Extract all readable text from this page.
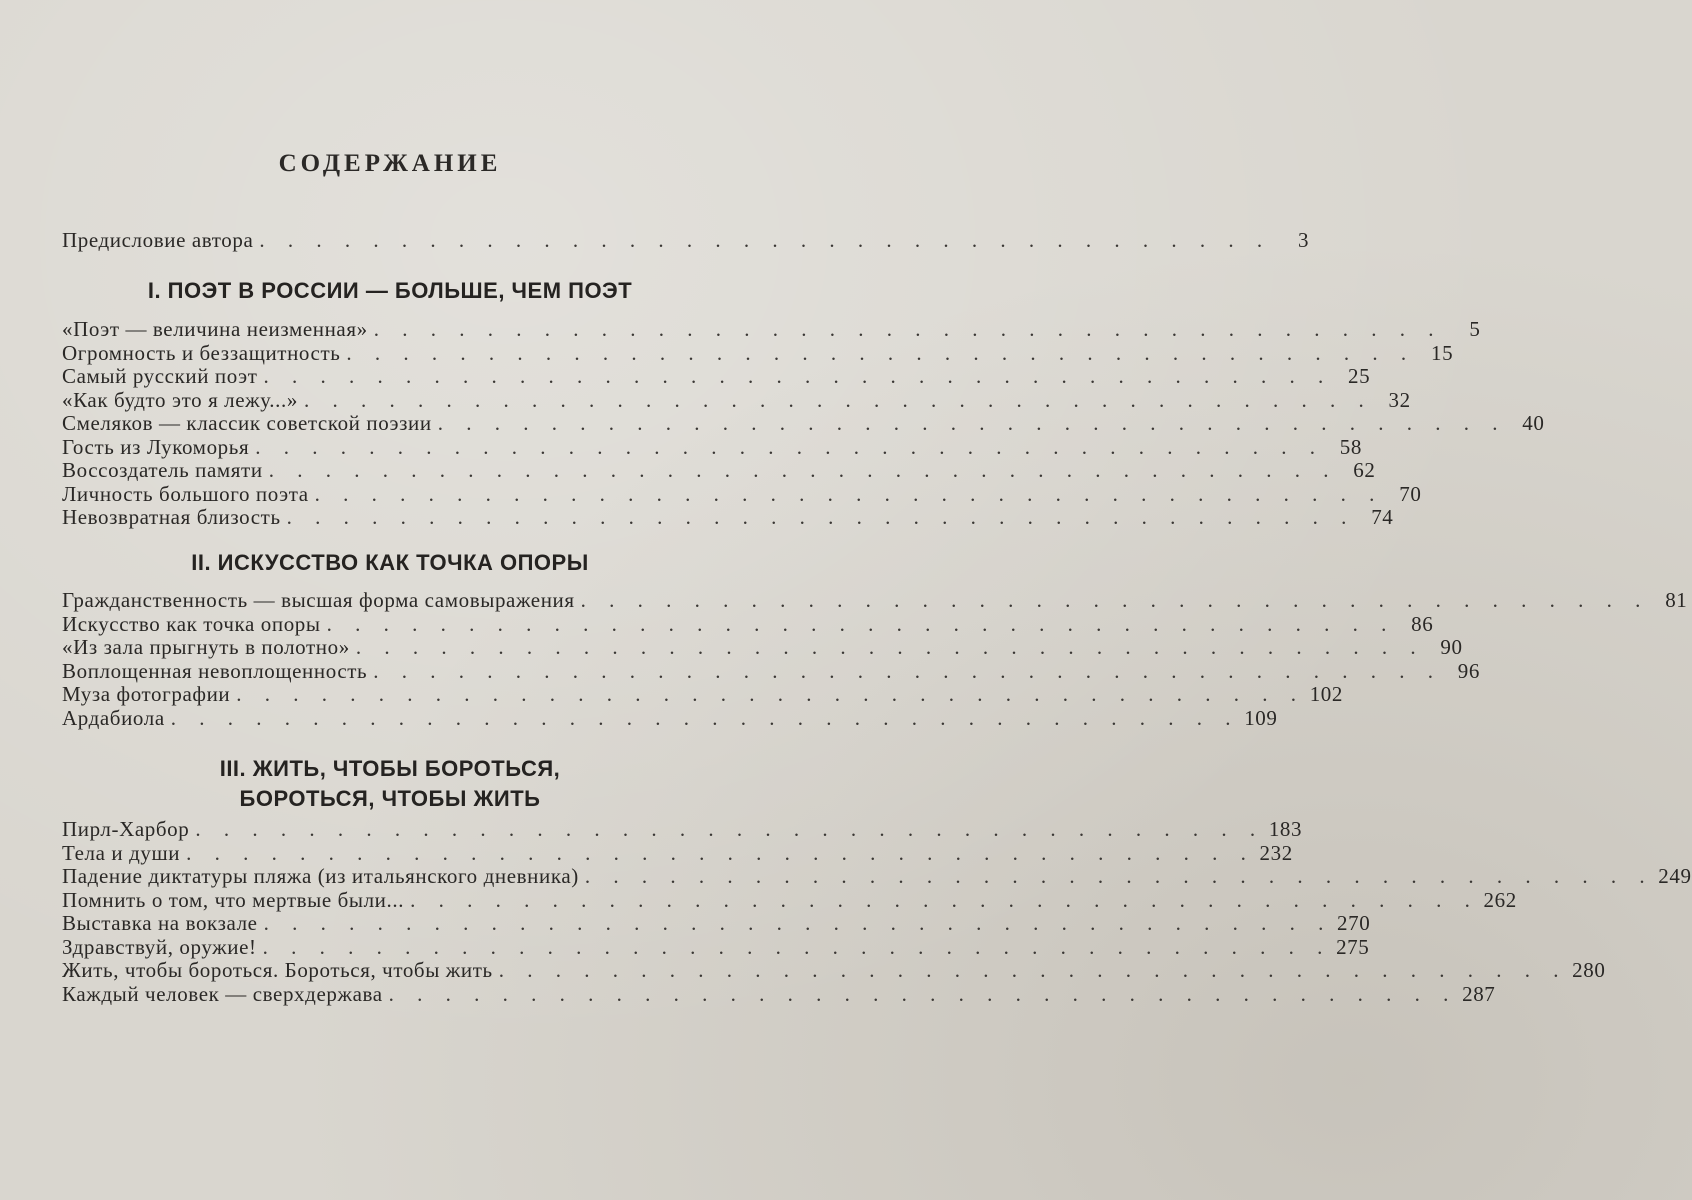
СОДЕРЖАНИЕ
Предисловие автора . . . . . . . . . . . . . . . . . . . . . . . . . . . . . . . . . . . .	3
I. ПОЭТ В РОССИИ — БОЛЬШЕ, ЧЕМ ПОЭТ
«Поэт — величина неизменная» . . . . . . . . . . . . . . . . . . . . . . . . . . . . . . . . . . . . . .	5
Огромность и беззащитность . . . . . . . . . . . . . . . . . . . . . . . . . . . . . . . . . . . . . . 15
Самый русский поэт . . . . . . . . . . . . . . . . . . . . . . . . . . . . . . . . . . . . . . 25
«Как будто это я лежу...» . . . . . . . . . . . . . . . . . . . . . . . . . . . . . . . . . . . . . . 32
Смеляков — классик советской поэзии . . . . . . . . . . . . . . . . . . . . . . . . . . . . . . . . . . . . . . 40
Гость из Лукоморья . . . . . . . . . . . . . . . . . . . . . . . . . . . . . . . . . . . . . . 58
Воссоздатель памяти . . . . . . . . . . . . . . . . . . . . . . . . . . . . . . . . . . . . . . 62
Личность большого поэта . . . . . . . . . . . . . . . . . . . . . . . . . . . . . . . . . . . . . . 70
Невозвратная близость . . . . . . . . . . . . . . . . . . . . . . . . . . . . . . . . . . . . . . 74
II. ИСКУССТВО КАК ТОЧКА ОПОРЫ
Гражданственность — высшая форма самовыражения . . . . . . . . . . . . . . . . . . . . . . . . . . . . . . . . . . . . . . 81
Искусство как точка опоры . . . . . . . . . . . . . . . . . . . . . . . . . . . . . . . . . . . . . . 86
«Из зала прыгнуть в полотно» . . . . . . . . . . . . . . . . . . . . . . . . . . . . . . . . . . . . . . 90
Воплощенная невоплощенность . . . . . . . . . . . . . . . . . . . . . . . . . . . . . . . . . . . . . . 96
Муза фотографии . . . . . . . . . . . . . . . . . . . . . . . . . . . . . . . . . . . . . . 102
Ардабиола . . . . . . . . . . . . . . . . . . . . . . . . . . . . . . . . . . . . . . 109
III. ЖИТЬ, ЧТОБЫ БОРОТЬСЯ,
БОРОТЬСЯ, ЧТОБЫ ЖИТЬ
Пирл-Харбор . . . . . . . . . . . . . . . . . . . . . . . . . . . . . . . . . . . . . . 183
Тела и души . . . . . . . . . . . . . . . . . . . . . . . . . . . . . . . . . . . . . . 232
Падение диктатуры пляжа (из итальянского дневника) . . . . . . . . . . . . . . . . . . . . . . . . . . . . . . . . . . . . . . 249
Помнить о том, что мертвые были... . . . . . . . . . . . . . . . . . . . . . . . . . . . . . . . . . . . . . . 262
Выставка на вокзале . . . . . . . . . . . . . . . . . . . . . . . . . . . . . . . . . . . . . . 270
Здравствуй, оружие! . . . . . . . . . . . . . . . . . . . . . . . . . . . . . . . . . . . . . . 275
Жить, чтобы бороться. Бороться, чтобы жить . . . . . . . . . . . . . . . . . . . . . . . . . . . . . . . . . . . . . . 280
Каждый человек — сверхдержава . . . . . . . . . . . . . . . . . . . . . . . . . . . . . . . . . . . . . . 287
